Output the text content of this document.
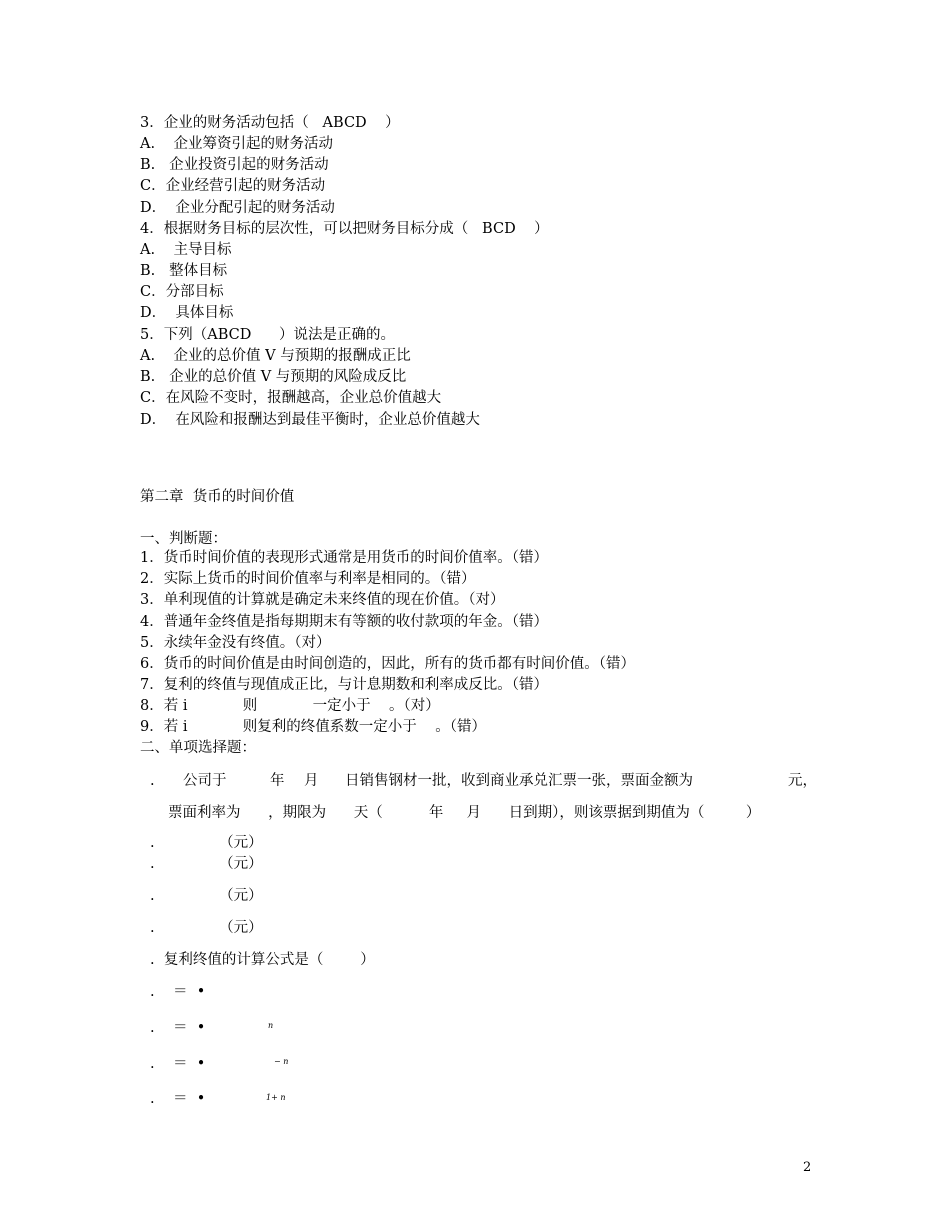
3．企业的财务活动包括（   ABCD    ）
A.    企业筹资引起的财务活动
B.   企业投资引起的财务活动
C．企业经营引起的财务活动
D．  企业分配引起的财务活动
4．根据财务目标的层次性，可以把财务目标分成（   BCD    ）
A.    主导目标
B.   整体目标
C．分部目标
D．  具体目标
5．下列（ABCD      ）说法是正确的。
A.    企业的总价值 V 与预期的报酬成正比
B.   企业的总价值 V 与预期的风险成反比
C．在风险不变时，报酬越高，企业总价值越大
D．  在风险和报酬达到最佳平衡时，企业总价值越大
第二章  货币的时间价值
一、判断题：
1．货币时间价值的表现形式通常是用货币的时间价值率。（错）
2．实际上货币的时间价值率与利率是相同的。（错）
3．单利现值的计算就是确定未来终值的现在价值。（对）
4．普通年金终值是指每期期末有等额的收付款项的年金。（错）
5．永续年金没有终值。（对）
6．货币的时间价值是由时间创造的，因此，所有的货币都有时间价值。（错）
7．复利的终值与现值成正比，与计息期数和利率成反比。（错）
8．若 i            则            一定小于    。（对）
9．若 i            则复利的终值系数一定小于    。（错）
二、单项选择题：
. 公司于	年 月 日销售钢材一批，收到商业承兑汇票一张，票面金额为	元，
票面利率为      ，期限为      天（          年     月      日到期），则该票据到期值为（         ）
.              （元）
.              （元）
.              （元）
.              （元）
.  复利终值的计算公式是（        ）
.    ＝  •
.    ＝  •	n
.    ＝  •	− n
.    ＝  •	1+ n
2
